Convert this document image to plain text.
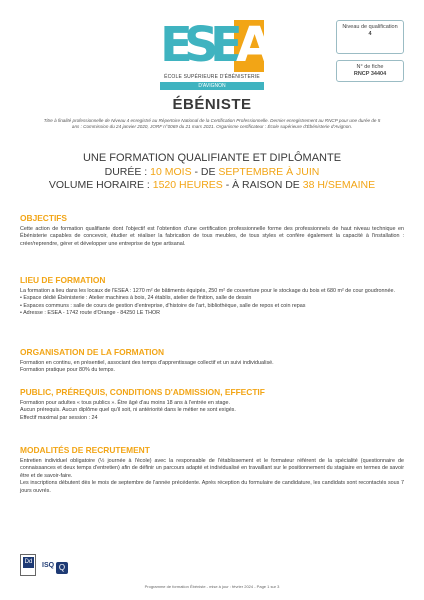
E
S
E
A
ÉCOLE SUPÉRIEURE D'ÉBÉNISTERIE
D'AVIGNON
Niveau de qualification
4
N° de fiche
RNCP 34404
ÉBÉNISTE

Titre à finalité professionnelle de Niveau 4 enregistré au Répertoire National de la Certification Professionnelle. Dernier enregistrement au RNCP pour une durée de 5 ans : Commission du 24 janvier 2020, JORF n°0069 du 21 mars 2021. Organisme certificateur : École supérieure d'Ébénisterie d'Avignon.

UNE FORMATION QUALIFIANTE ET DIPLÔMANTE

DURÉE : 10 MOIS - DE SEPTEMBRE À JUIN

VOLUME HORAIRE : 1520 HEURES - À RAISON DE 38 H/SEMAINE

OBJECTIFS

Cette action de formation qualifiante dont l'objectif est l'obtention d'une certification professionnelle forme des professionnels de haut niveau technique en Ébénisterie capables de concevoir, étudier et réaliser la fabrication de tous meubles, de tous styles et confère également la capacité à l'installation : créer/reprendre, gérer et développer une entreprise de type artisanal.

LIEU DE FORMATION

La formation a lieu dans les locaux de l'ESEA : 1270 m² de bâtiments équipés, 250 m² de couverture pour le stockage du bois et 680 m² de cour goudronnée.

• Espace dédié Ébénisterie : Atelier machines à bois, 24 établis, atelier de finition, salle de dessin

• Espaces communs : salle de cours de gestion d'entreprise, d'histoire de l'art, bibliothèque, salle de repos et coin repas

• Adresse : ESEA - 1742 route d'Orange - 84250 LE THOR

ORGANISATION DE LA FORMATION

Formation en continu, en présentiel, associant des temps d'apprentissage collectif et un suivi individualisé.

Formation pratique pour 80% du temps.

PUBLIC, PRÉREQUIS, CONDITIONS D'ADMISSION, EFFECTIF

Formation pour adultes « tous publics ». Être âgé d'au moins 18 ans à l'entrée en stage.

Aucun prérequis. Aucun diplôme quel qu'il soit, ni antériorité dans le métier ne sont exigés.

Effectif maximal par session : 24

MODALITÉS DE RECRUTEMENT

Entretien individuel obligatoire (½ journée à l'école) avec la responsable de l'établissement et le formateur référent de la spécialité (questionnaire de connaissances et deux temps d'entretien) afin de définir un parcours adapté et individualisé en travaillant sur le positionnement du stagiaire en termes de savoir être et de savoir-faire.

Les inscriptions débutent dès le mois de septembre de l'année précédente. Après réception du formulaire de candidature, les candidats sont recontactés sous 7 jours ouvrés.

Dd ISQ Q

Programme de formation Ébéniste - mise à jour : février 2024 - Page 1 sur 3
